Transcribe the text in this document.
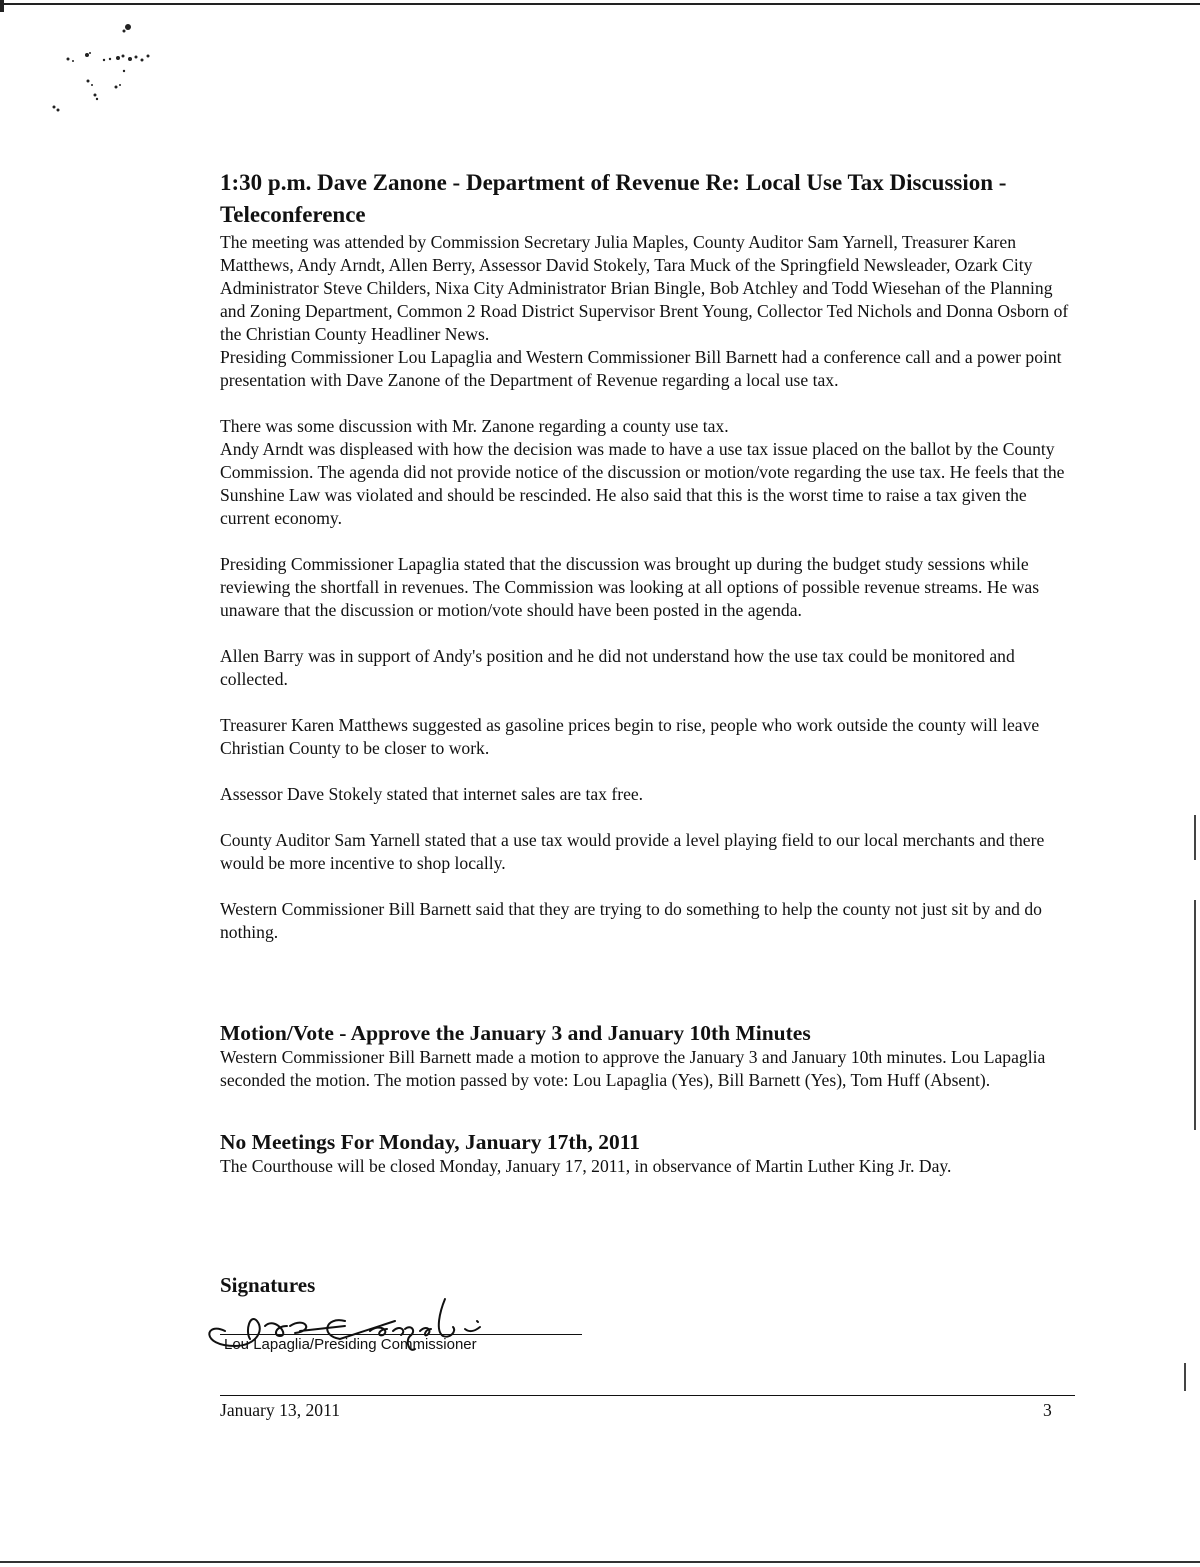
1:30 p.m. Dave Zanone - Department of Revenue Re: Local Use Tax Discussion - Teleconference

The meeting was attended by Commission Secretary Julia Maples, County Auditor Sam Yarnell, Treasurer Karen Matthews, Andy Arndt, Allen Berry, Assessor David Stokely, Tara Muck of the Springfield Newsleader, Ozark City Administrator Steve Childers, Nixa City Administrator Brian Bingle, Bob Atchley and Todd Wiesehan of the Planning and Zoning Department, Common 2 Road District Supervisor Brent Young, Collector Ted Nichols and Donna Osborn of the Christian County Headliner News.

Presiding Commissioner Lou Lapaglia and Western Commissioner Bill Barnett had a conference call and a power point presentation with Dave Zanone of the Department of Revenue regarding a local use tax.

There was some discussion with Mr. Zanone regarding a county use tax.

Andy Arndt was displeased with how the decision was made to have a use tax issue placed on the ballot by the County Commission. The agenda did not provide notice of the discussion or motion/vote regarding the use tax. He feels that the Sunshine Law was violated and should be rescinded. He also said that this is the worst time to raise a tax given the current economy.

Presiding Commissioner Lapaglia stated that the discussion was brought up during the budget study sessions while reviewing the shortfall in revenues. The Commission was looking at all options of possible revenue streams. He was unaware that the discussion or motion/vote should have been posted in the agenda.

Allen Barry was in support of Andy's position and he did not understand how the use tax could be monitored and collected.

Treasurer Karen Matthews suggested as gasoline prices begin to rise, people who work outside the county will leave Christian County to be closer to work.

Assessor Dave Stokely stated that internet sales are tax free.

County Auditor Sam Yarnell stated that a use tax would provide a level playing field to our local merchants and there would be more incentive to shop locally.

Western Commissioner Bill Barnett said that they are trying to do something to help the county not just sit by and do nothing.

Motion/Vote - Approve the January 3 and January 10th Minutes

Western Commissioner Bill Barnett made a motion to approve the January 3 and January 10th minutes. Lou Lapaglia seconded the motion. The motion passed by vote: Lou Lapaglia (Yes), Bill Barnett (Yes), Tom Huff (Absent).

No Meetings For Monday, January 17th, 2011

The Courthouse will be closed Monday, January 17, 2011, in observance of Martin Luther King Jr. Day.

Signatures
Lou Lapaglia/Presiding Commissioner
January 13, 2011	3
